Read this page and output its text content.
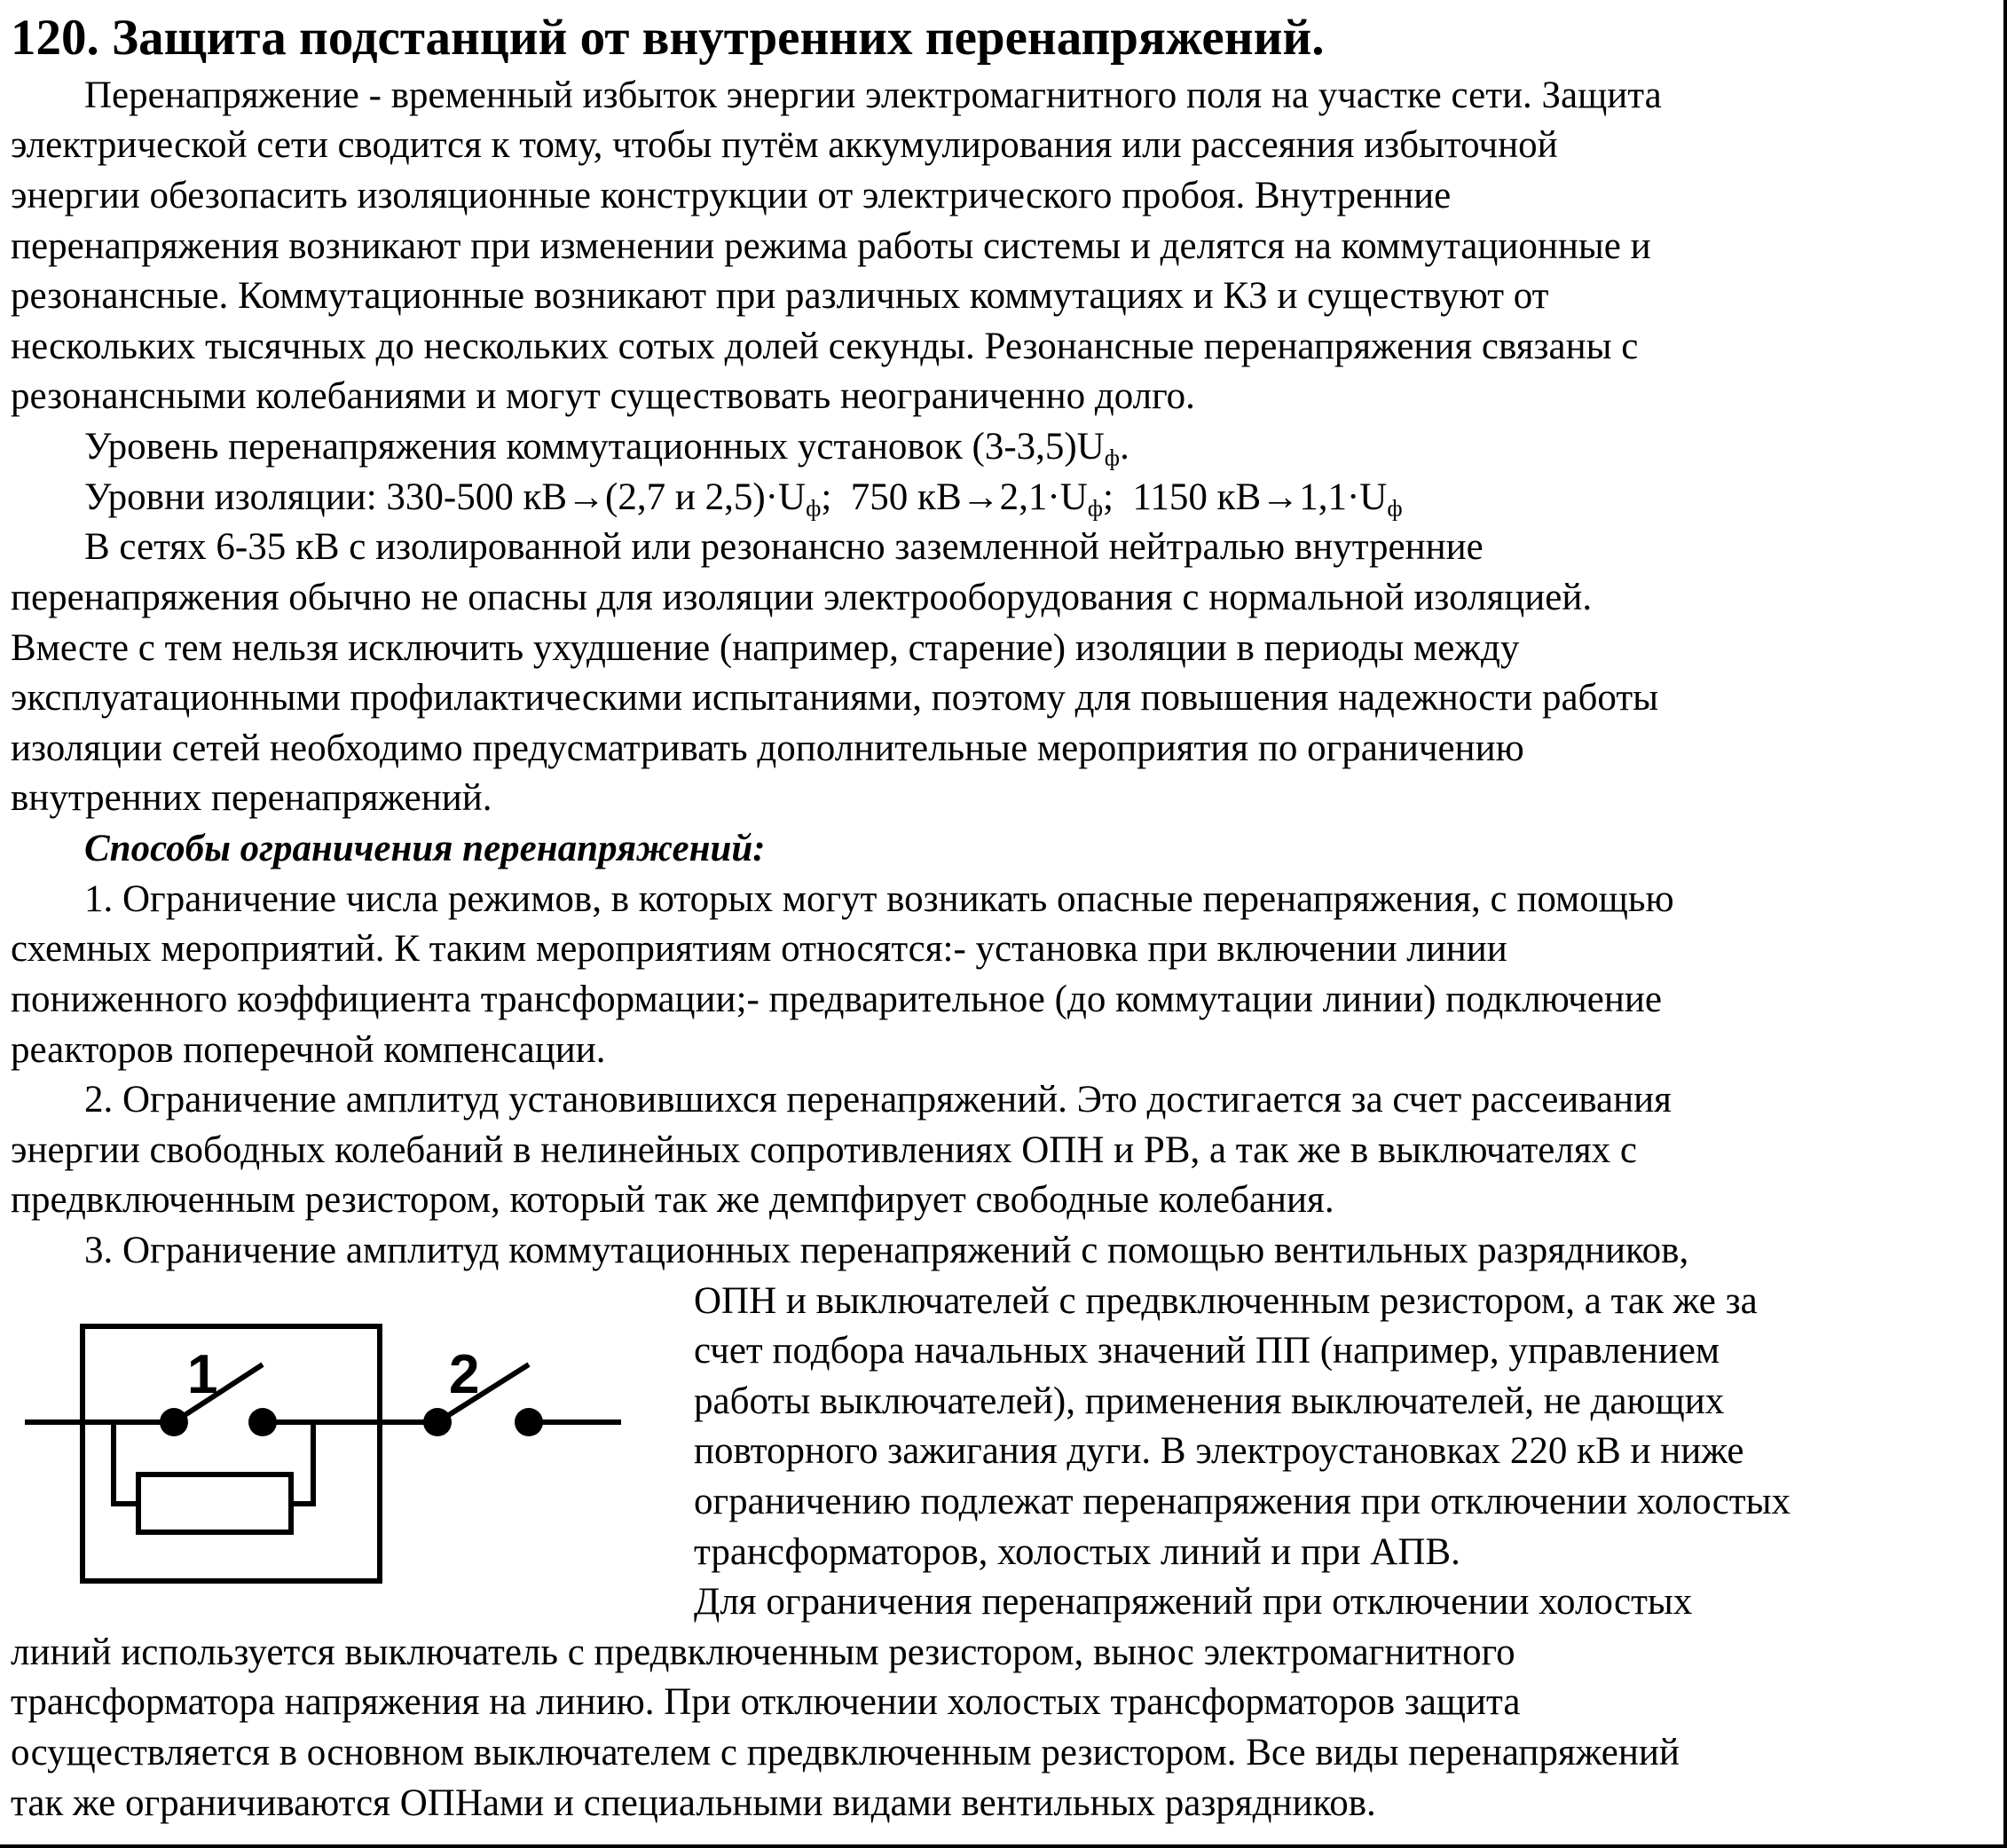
120. Защита подстанций от внутренних перенапряжений.
Перенапряжение - временный избыток энергии электромагнитного поля на участке сети. Защита
электрической сети сводится к тому, чтобы путём аккумулирования или рассеяния избыточной
энергии обезопасить изоляционные конструкции от электрического пробоя. Внутренние
перенапряжения возникают при изменении режима работы системы и делятся на коммутационные и
резонансные. Коммутационные возникают при различных коммутациях и КЗ и существуют от
нескольких тысячных до нескольких сотых долей секунды. Резонансные перенапряжения связаны с
резонансными колебаниями и могут существовать неограниченно долго.
Уровень перенапряжения коммутационных установок $(3-3,5)U_ф$.
Уровни изоляции: 330-500 кВ→(2,7 и $2,5)\cdot U_ф$; 750 $кВ\to 2,1\cdot U_ф$; 1150 $кВ\to 1,1\cdot U_ф$
В сетях 6-35 кВ с изолированной или резонансно заземленной нейтралью внутренние
перенапряжения обычно не опасны для изоляции электрооборудования с нормальной изоляцией.
Вместе с тем нельзя исключить ухудшение (например, старение) изоляции в периоды между
эксплуатационными профилактическими испытаниями, поэтому для повышения надежности работы
изоляции сетей необходимо предусматривать дополнительные мероприятия по ограничению
внутренних перенапряжений.
Способы ограничения перенапряжений:
1. Ограничение числа режимов, в которых могут возникать опасные перенапряжения, с помощью
схемных мероприятий. К таким мероприятиям относятся:- установка при включении линии
пониженного коэффициента трансформации;- предварительное (до коммутации линии) подключение
реакторов поперечной компенсации.
2. Ограничение амплитуд установившихся перенапряжений. Это достигается за счет рассеивания
энергии свободных колебаний в нелинейных сопротивлениях ОПН и РВ, а так же в выключателях с
предвключенным резистором, который так же демпфирует свободные колебания.
3. Ограничение амплитуд коммутационных перенапряжений с помощью вентильных разрядников,
ОПН и выключателей с предвключенным резистором, а так же за
счет подбора начальных значений ПП (например, управлением
работы выключателей), применения выключателей, не дающих
повторного зажигания дуги. В электроустановках 220 кВ и ниже
ограничению подлежат перенапряжения при отключении холостых
трансформаторов, холостых линий и при АПВ.
Для ограничения перенапряжений при отключении холостых
линий используется выключатель с предвключенным резистором, вынос электромагнитного
трансформатора напряжения на линию. При отключении холостых трансформаторов защита
осуществляется в основном выключателем с предвключенным резистором. Все виды перенапряжений
так же ограничиваются ОПНами и специальными видами вентильных разрядников.
1	2
